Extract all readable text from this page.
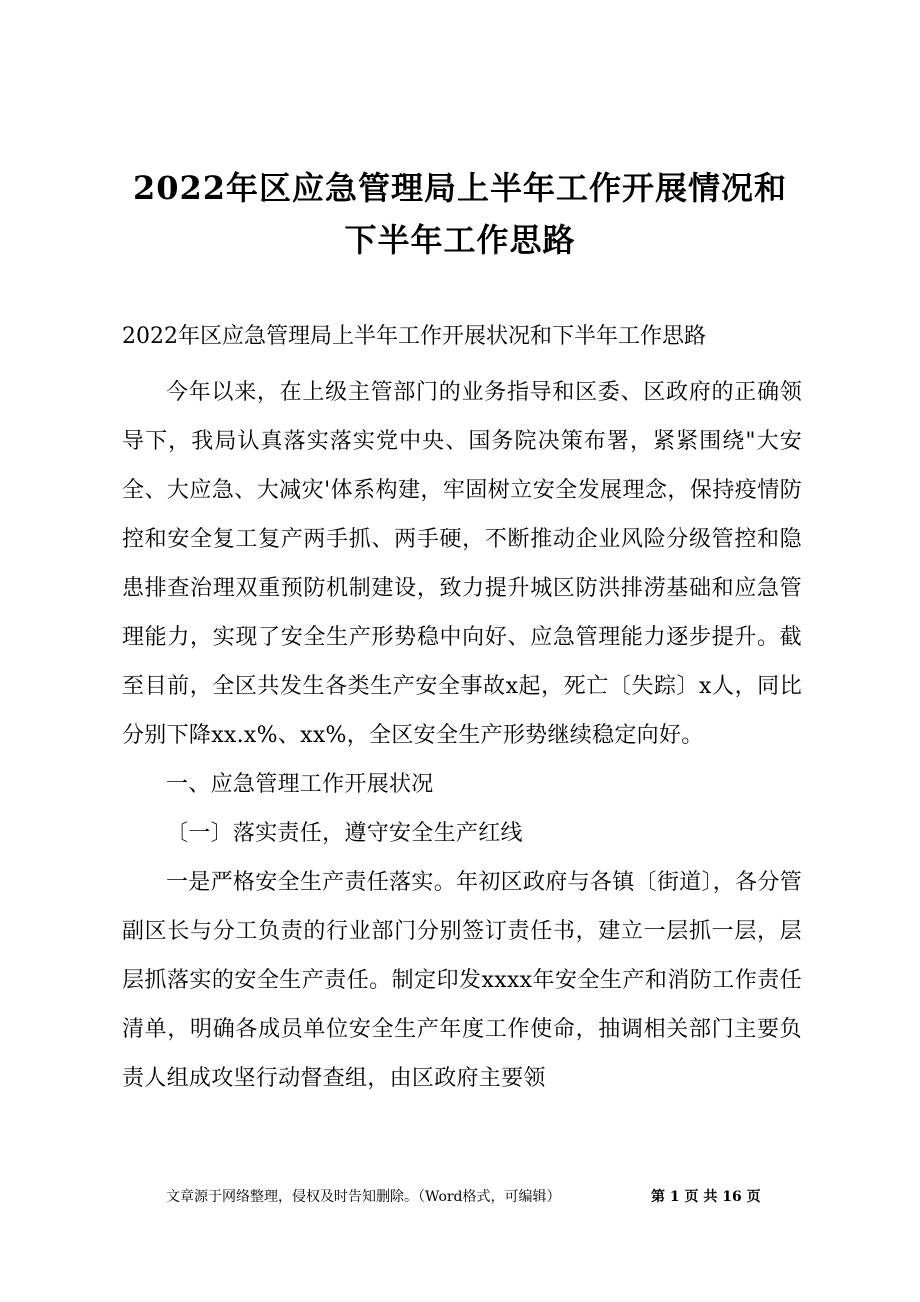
2022年区应急管理局上半年工作开展情况和
下半年工作思路
2022年区应急管理局上半年工作开展状况和下半年工作思路

今年以来，在上级主管部门的业务指导和区委、区政府的正确领导下，我局认真落实落实党中央、国务院决策布署，紧紧围绕"大安全、大应急、大减灾'体系构建，牢固树立安全发展理念，保持疫情防控和安全复工复产两手抓、两手硬，不断推动企业风险分级管控和隐患排查治理双重预防机制建设，致力提升城区防洪排涝基础和应急管理能力，实现了安全生产形势稳中向好、应急管理能力逐步提升。截至目前，全区共发生各类生产安全事故x起，死亡〔失踪〕x人，同比分别下降xx.x%、xx%，全区安全生产形势继续稳定向好。

一、应急管理工作开展状况

〔一〕落实责任，遵守安全生产红线

一是严格安全生产责任落实。年初区政府与各镇〔街道〕，各分管副区长与分工负责的行业部门分别签订责任书，建立一层抓一层，层层抓落实的安全生产责任。制定印发xxxx年安全生产和消防工作责任清单，明确各成员单位安全生产年度工作使命，抽调相关部门主要负责人组成攻坚行动督查组，由区政府主要领

文章源于网络整理，侵权及时告知删除。（Word格式，可编辑）	第 1 页 共 16 页
